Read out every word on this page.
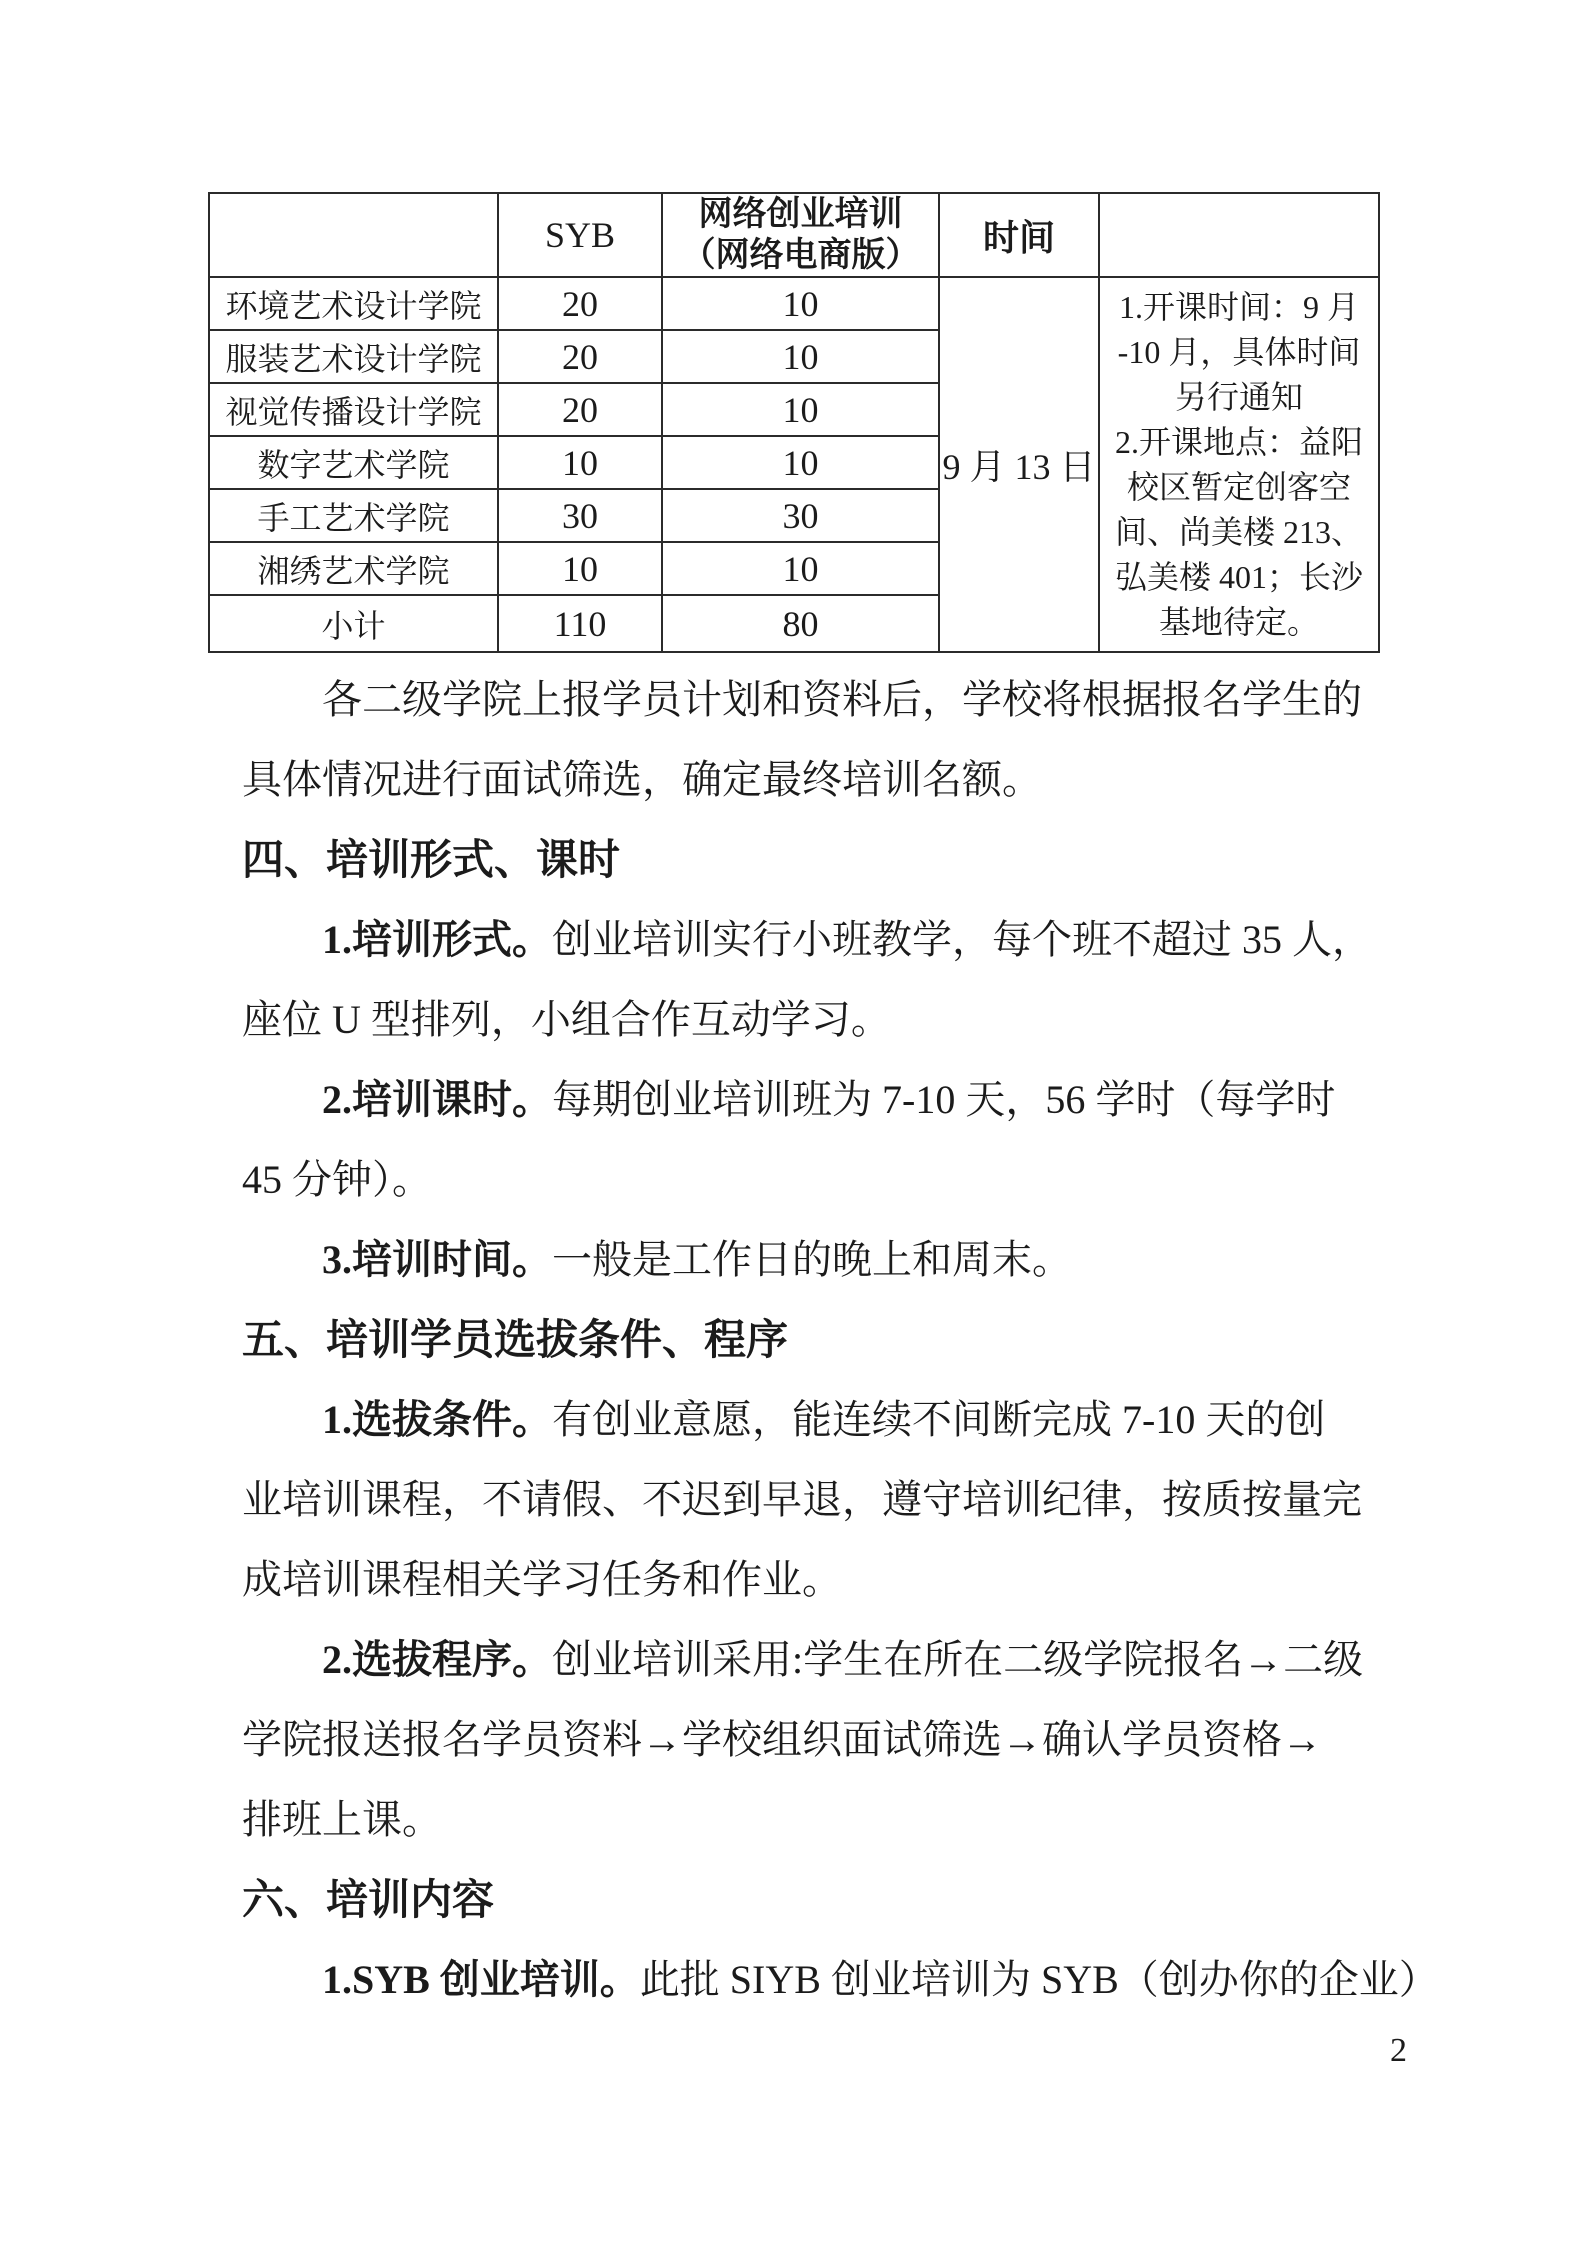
	SYB	网络创业培训
（网络电商版）	时间	
环境艺术设计学院	20	10	9 月 13 日	
1.开课时间：9 月
-10 月，具体时间
另行通知
2.开课地点：益阳
校区暂定创客空
间、尚美楼 213、
弘美楼 401；长沙
基地待定。

服装艺术设计学院	20	10		
视觉传播设计学院	20	10		
数字艺术学院	10	10		
手工艺术学院	30	30		
湘绣艺术学院	10	10		
小计	110	80		
各二级学院上报学员计划和资料后，学校将根据报名学生的
具体情况进行面试筛选，确定最终培训名额。
四、培训形式、课时
1.培训形式。创业培训实行小班教学，每个班不超过 35 人，
座位 U 型排列，小组合作互动学习。
2.培训课时。每期创业培训班为 7-10 天，56 学时（每学时
45 分钟）。
3.培训时间。一般是工作日的晚上和周末。
五、培训学员选拔条件、程序
1.选拔条件。有创业意愿，能连续不间断完成 7-10 天的创
业培训课程，不请假、不迟到早退，遵守培训纪律，按质按量完
成培训课程相关学习任务和作业。
2.选拔程序。创业培训采用:学生在所在二级学院报名→二级
学院报送报名学员资料→学校组织面试筛选→确认学员资格→
排班上课。
六、培训内容
1.SYB 创业培训。此批 SIYB 创业培训为 SYB（创办你的企业）
2
